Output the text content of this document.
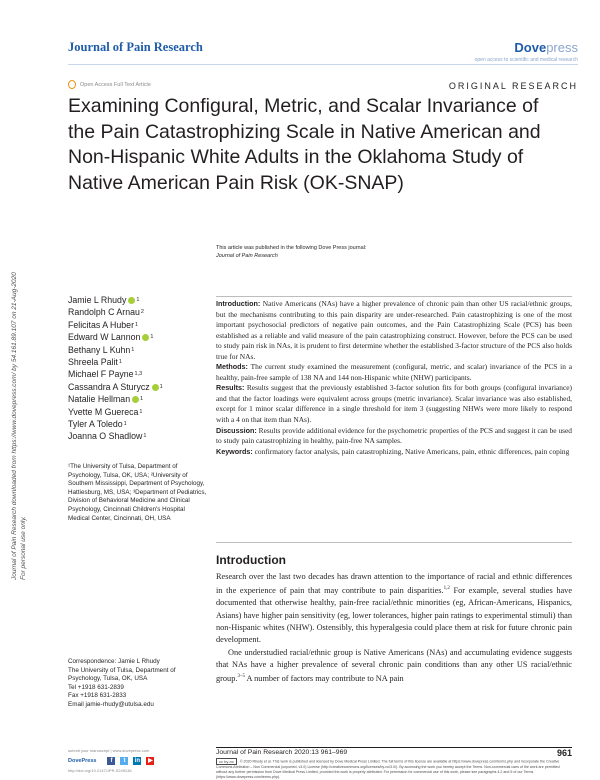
Journal of Pain Research	Dovepress
open access to scientific and medical research
Open Access Full Text Article	ORIGINAL RESEARCH
Examining Configural, Metric, and Scalar Invariance of the Pain Catastrophizing Scale in Native American and Non-Hispanic White Adults in the Oklahoma Study of Native American Pain Risk (OK-SNAP)
This article was published in the following Dove Press journal:
Journal of Pain Research
Journal of Pain Research downloaded from https://www.dovepress.com/ by 54.161.89.107 on 21-Aug-2020 For personal use only.
Jamie L Rhudy 1
Randolph C Arnau 2
Felicitas A Huber 1
Edward W Lannon 1
Bethany L Kuhn 1
Shreela Palit 1
Michael F Payne 1,3
Cassandra A Sturycz 1
Natalie Hellman 1
Yvette M Guereca 1
Tyler A Toledo 1
Joanna O Shadlow 1

¹The University of Tulsa, Department of Psychology, Tulsa, OK, USA; ²University of Southern Mississippi, Department of Psychology, Hattiesburg, MS, USA; ³Department of Pediatrics, Division of Behavioral Medicine and Clinical Psychology, Cincinnati Children's Hospital Medical Center, Cincinnati, OH, USA

Correspondence: Jamie L Rhudy

The University of Tulsa, Department of Psychology, Tulsa, OK, USA

Tel +1918 631-2839

Fax +1918 631-2833

Email jamie-rhudy@utulsa.edu

Introduction: Native Americans (NAs) have a higher prevalence of chronic pain than other US racial/ethnic groups, but the mechanisms contributing to this pain disparity are under-researched. Pain catastrophizing is one of the most important psychosocial predictors of negative pain outcomes, and the Pain Catastrophizing Scale (PCS) has been established as a reliable and valid measure of the pain catastrophizing construct. However, before the PCS can be used to study pain risk in NAs, it is prudent to first determine whether the established 3-factor structure of the PCS also holds true for NAs.

Methods: The current study examined the measurement (configural, metric, and scalar) invariance of the PCS in a healthy, pain-free sample of 138 NA and 144 non-Hispanic white (NHW) participants.

Results: Results suggest that the previously established 3-factor solution fits for both groups (configural invariance) and that the factor loadings were equivalent across groups (metric invariance). Scalar invariance was also established, except for 1 minor scalar difference in a single threshold for item 3 (suggesting NHWs were more likely to respond with a 4 on that item than NAs).

Discussion: Results provide additional evidence for the psychometric properties of the PCS and suggest it can be used to study pain catastrophizing in healthy, pain-free NA samples.

Keywords: confirmatory factor analysis, pain catastrophizing, Native Americans, pain, ethnic differences, pain coping

Introduction

Research over the last two decades has drawn attention to the importance of racial and ethnic differences in the experience of pain that may contribute to pain disparities.$^{1,2}$ For example, several studies have documented that otherwise healthy, pain-free racial/ethnic minorities (eg, African-Americans, Hispanics, Asians) have higher pain sensitivity (eg, lower tolerances, higher pain ratings to experimental stimuli) than non-Hispanic whites (NHW). Ostensibly, this hyperalgesia could place them at risk for future chronic pain development.

One understudied racial/ethnic group is Native Americans (NAs) and accumulating evidence suggests that NAs have a higher prevalence of several chronic pain conditions than any other US racial/ethnic group.$^{3-5}$ A number of factors may contribute to NA pain

submit your manuscript | www.dovepress.com
DovePress	f	t	in ▶
http://doi.org/10.2147/JPR.S245136
Journal of Pain Research 2020:13 961–969	961
cc by-nc © 2020 Rhudy et al. This work is published and licensed by Dove Medical Press Limited. The full terms of this license are available at https://www.dovepress.com/terms.php and incorporate the Creative Commons Attribution – Non Commercial (unported, v3.0) License (http://creativecommons.org/licenses/by-nc/3.0/). By accessing the work you hereby accept the Terms. Non-commercial uses of the work are permitted without any further permission from Dove Medical Press Limited, provided the work is properly attributed. For permission for commercial use of this work, please see paragraphs 4.2 and 5 of our Terms (https://www.dovepress.com/terms.php).
